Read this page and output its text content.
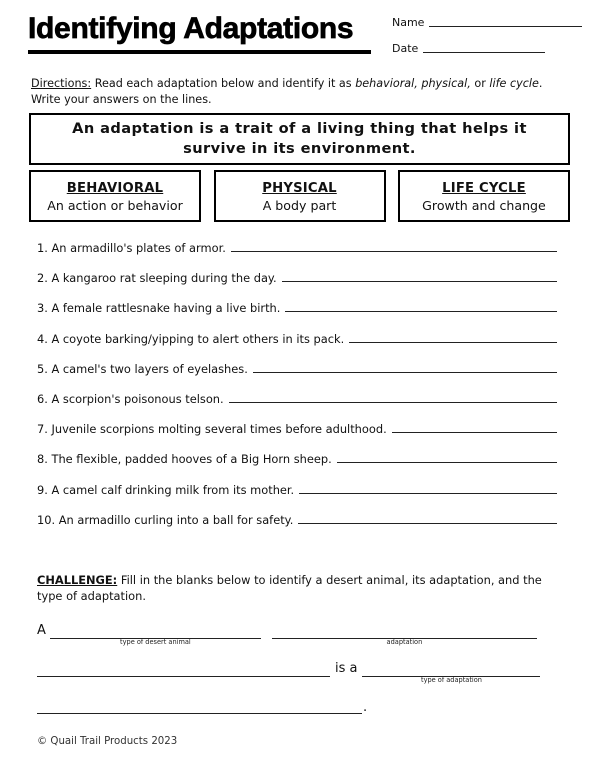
Identifying Adaptations	Name
Date
Directions: Read each adaptation below and identify it as behavioral, physical, or life cycle. Write your answers on the lines.
An adaptation is a trait of a living thing that helps it survive in its environment.
BEHAVIORAL
An action or behavior
PHYSICAL
A body part
LIFE CYCLE
Growth and change
1. An armadillo's plates of armor.
2. A kangaroo rat sleeping during the day.
3. A female rattlesnake having a live birth.
4. A coyote barking/yipping to alert others in its pack.
5. A camel's two layers of eyelashes.
6. A scorpion's poisonous telson.
7. Juvenile scorpions molting several times before adulthood.
8. The flexible, padded hooves of a Big Horn sheep.
9. A camel calf drinking milk from its mother.
10. An armadillo curling into a ball for safety.
CHALLENGE: Fill in the blanks below to identify a desert animal, its adaptation, and the type of adaptation.
A
type of desert animal	adaptation
is a
type of adaptation
.
© Quail Trail Products 2023
